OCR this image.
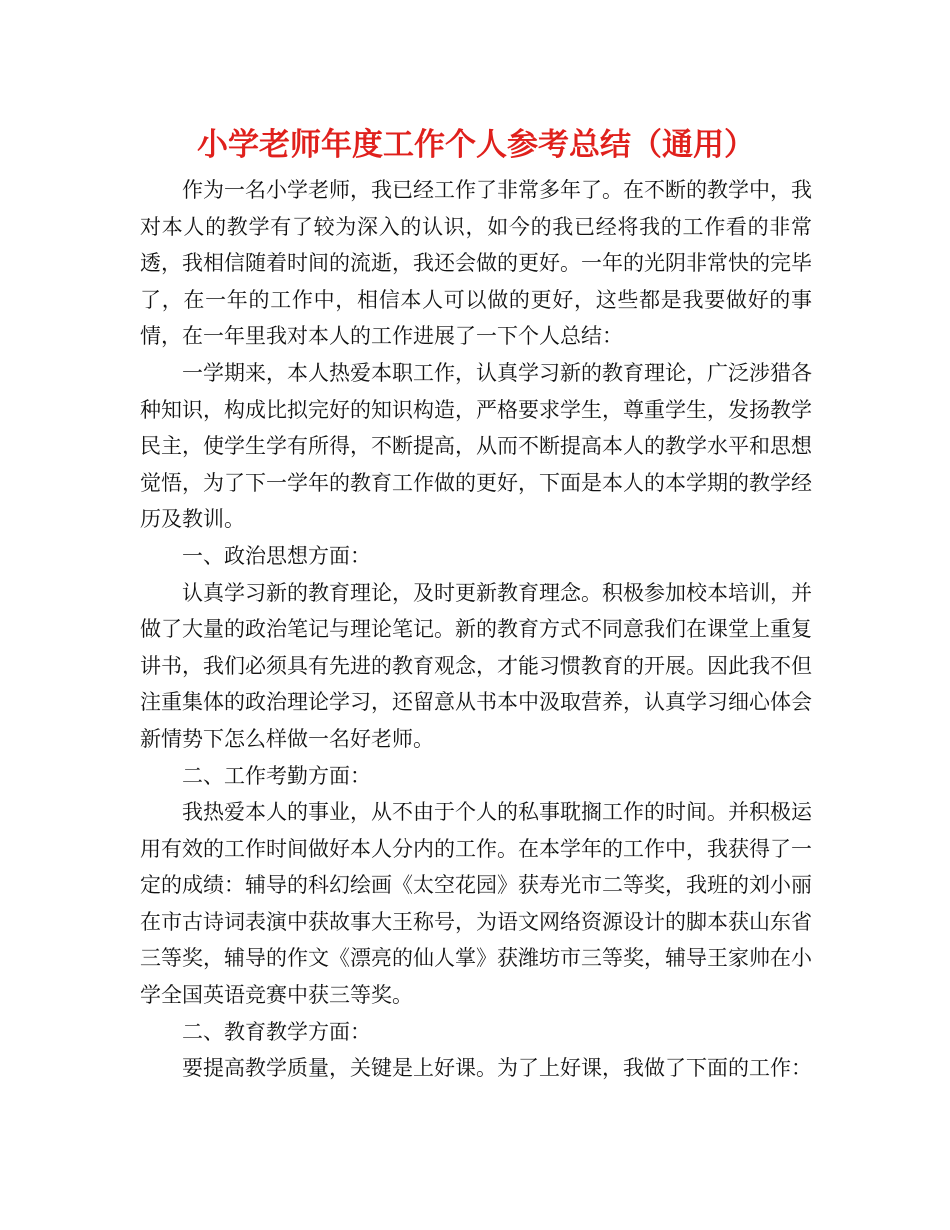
小学老师年度工作个人参考总结（通用）

作为一名小学老师，我已经工作了非常多年了。在不断的教学中，我对本人的教学有了较为深入的认识，如今的我已经将我的工作看的非常透，我相信随着时间的流逝，我还会做的更好。一年的光阴非常快的完毕了，在一年的工作中，相信本人可以做的更好，这些都是我要做好的事情，在一年里我对本人的工作进展了一下个人总结：

一学期来，本人热爱本职工作，认真学习新的教育理论，广泛涉猎各种知识，构成比拟完好的知识构造，严格要求学生，尊重学生，发扬教学民主，使学生学有所得，不断提高，从而不断提高本人的教学水平和思想觉悟，为了下一学年的教育工作做的更好，下面是本人的本学期的教学经历及教训。

一、政治思想方面：

认真学习新的教育理论，及时更新教育理念。积极参加校本培训，并做了大量的政治笔记与理论笔记。新的教育方式不同意我们在课堂上重复讲书，我们必须具有先进的教育观念，才能习惯教育的开展。因此我不但注重集体的政治理论学习，还留意从书本中汲取营养，认真学习细心体会新情势下怎么样做一名好老师。

二、工作考勤方面：

我热爱本人的事业，从不由于个人的私事耽搁工作的时间。并积极运用有效的工作时间做好本人分内的工作。在本学年的工作中，我获得了一定的成绩：辅导的科幻绘画《太空花园》获寿光市二等奖，我班的刘小丽在市古诗词表演中获故事大王称号，为语文网络资源设计的脚本获山东省三等奖，辅导的作文《漂亮的仙人掌》获潍坊市三等奖，辅导王家帅在小学全国英语竞赛中获三等奖。

二、教育教学方面：

要提高教学质量，关键是上好课。为了上好课，我做了下面的工作：
